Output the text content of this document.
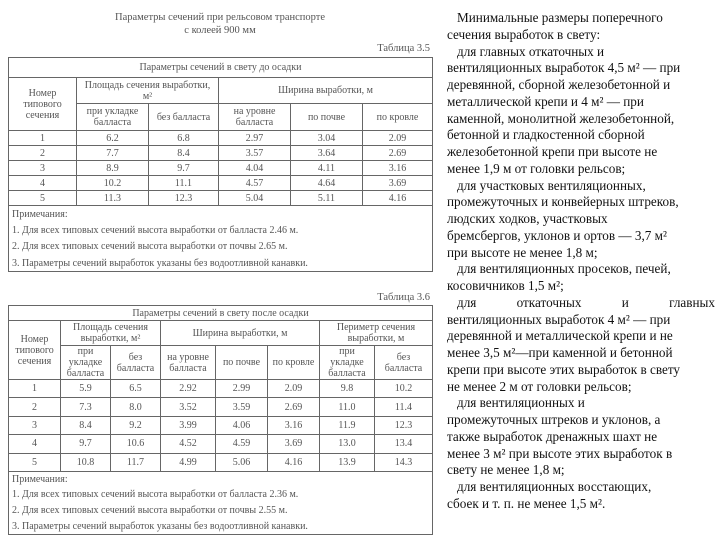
Параметры сечений при рельсовом транспорте
с колеей 900 мм
Таблица 3.5
Параметры сечений в свету до осадки					
Номер типового сечения	Площадь сечения выработки, м²		Ширина выработки, м		
	при укладке балласта	без балласта	на уровне балласта	по почве	по кровле
1	6.2	6.8	2.97	3.04	2.09
2	7.7	8.4	3.57	3.64	2.69
3	8.9	9.7	4.04	4.11	3.16
4	10.2	11.1	4.57	4.64	3.69
5	11.3	12.3	5.04	5.11	4.16
Примечания:					
1. Для всех типовых сечений высота выработки от балласта 2.46 м.					
2. Для всех типовых сечений высота выработки от почвы 2.65 м.					
3. Параметры сечений выработок указаны без водоотливной канавки.					
Таблица 3.6
Параметры сечений в свету после осадки							
Номер типового сечения	Площадь сечения выработки, м²		Ширина выработки, м			Периметр сечения выработки, м	
	при укладке балласта	без балласта	на уровне балласта	по почве	по кровле	при укладке балласта	без балласта
1	5.9	6.5	2.92	2.99	2.09	9.8	10.2
2	7.3	8.0	3.52	3.59	2.69	11.0	11.4
3	8.4	9.2	3.99	4.06	3.16	11.9	12.3
4	9.7	10.6	4.52	4.59	3.69	13.0	13.4
5	10.8	11.7	4.99	5.06	4.16	13.9	14.3
Примечания:							
1. Для всех типовых сечений высота выработки от балласта 2.36 м.							
2. Для всех типовых сечений высота выработки от почвы 2.55 м.							
3. Параметры сечений выработок указаны без водоотливной канавки.							
Минимальные размеры поперечного
сечения выработок в свету:
для главных откаточных и
вентиляционных выработок 4,5 м² — при
деревянной, сборной железобетонной и
металлической крепи и 4 м² — при
каменной, монолитной железобетонной,
бетонной и гладкостенной сборной
железобетонной крепи при высоте не
менее 1,9 м от головки рельсов;
для участковых вентиляционных,
промежуточных и конвейерных штреков,
людских ходков, участковых
бремсбергов, уклонов и ортов — 3,7 м²
при высоте не менее 1,8 м;
для вентиляционных просеков, печей,
косовичников 1,5 м²;
для откаточных и главных
вентиляционных выработок 4 м² — при
деревянной и металлической крепи и не
менее 3,5 м²—при каменной и бетонной
крепи при высоте этих выработок в свету
не менее 2 м от головки рельсов;
для вентиляционных и
промежуточных штреков и уклонов, а
также выработок дренажных шахт не
менее 3 м² при высоте этих выработок в
свету не менее 1,8 м;
для вентиляционных восстающих,
сбоек и т. п. не менее 1,5 м².
